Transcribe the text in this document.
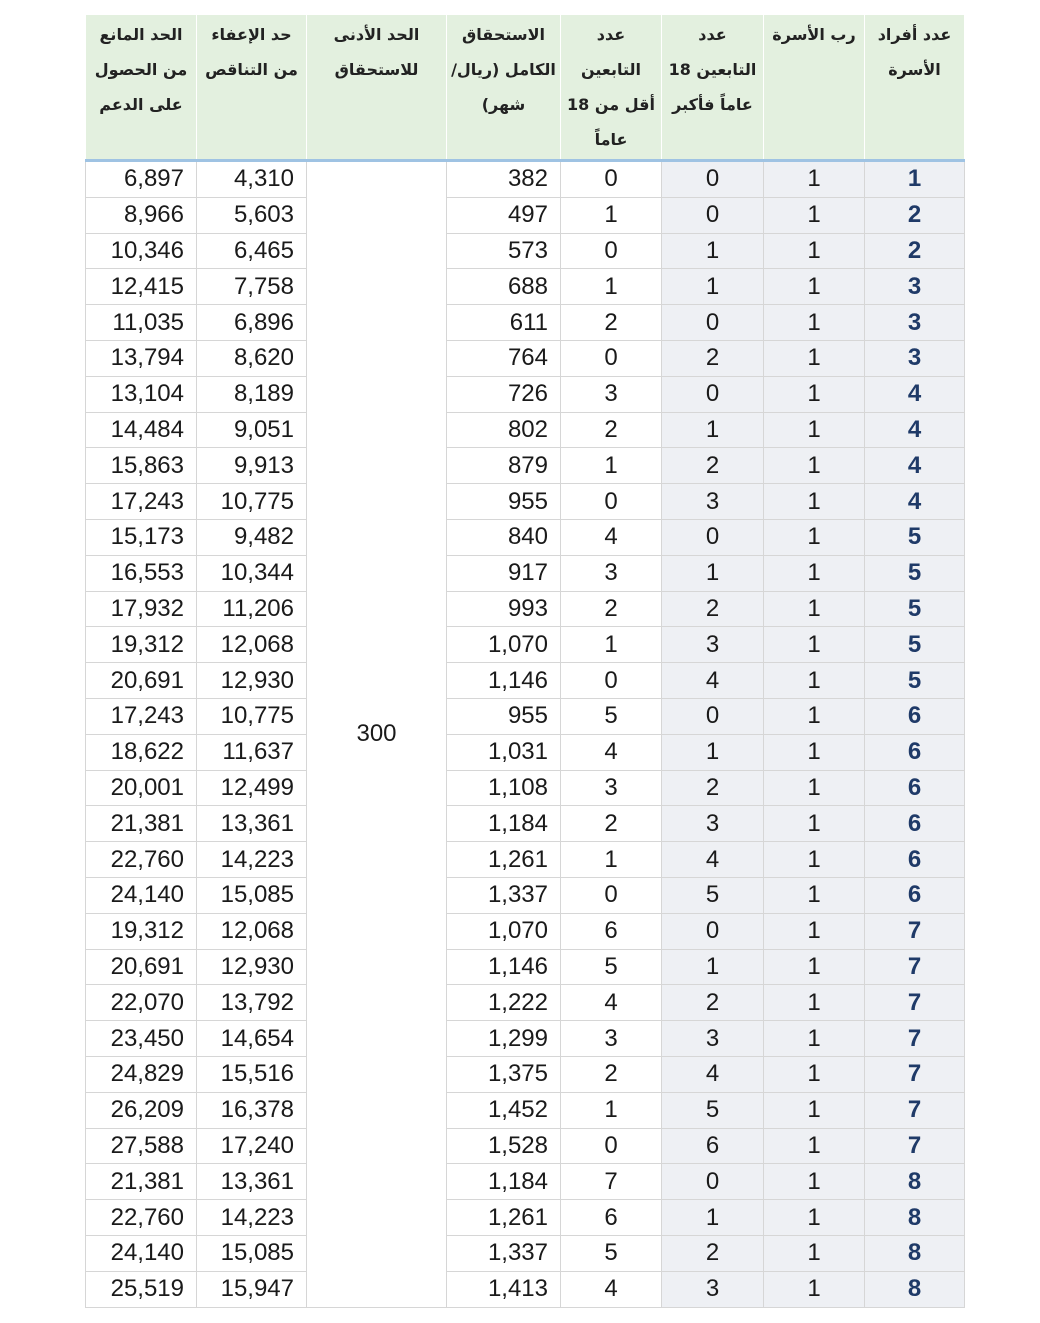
عدد أفراد الأسرة	رب الأسرة	عدد التابعين 18 عاماً فأكبر	عدد التابعين أقل من 18 عاماً	الاستحقاق الكامل (ريال/شهر)	الحد الأدنى للاستحقاق	حد الإعفاء من التناقص	الحد المانع من الحصول على الدعم

1	1	0	0	382	300	4,310	6,897
2	1	0	1	497		5,603	8,966
2	1	1	0	573		6,465	10,346
3	1	1	1	688		7,758	12,415
3	1	0	2	611		6,896	11,035
3	1	2	0	764		8,620	13,794
4	1	0	3	726		8,189	13,104
4	1	1	2	802		9,051	14,484
4	1	2	1	879		9,913	15,863
4	1	3	0	955		10,775	17,243
5	1	0	4	840		9,482	15,173
5	1	1	3	917		10,344	16,553
5	1	2	2	993		11,206	17,932
5	1	3	1	1,070		12,068	19,312
5	1	4	0	1,146		12,930	20,691
6	1	0	5	955		10,775	17,243
6	1	1	4	1,031		11,637	18,622
6	1	2	3	1,108		12,499	20,001
6	1	3	2	1,184		13,361	21,381
6	1	4	1	1,261		14,223	22,760
6	1	5	0	1,337		15,085	24,140
7	1	0	6	1,070		12,068	19,312
7	1	1	5	1,146		12,930	20,691
7	1	2	4	1,222		13,792	22,070
7	1	3	3	1,299		14,654	23,450
7	1	4	2	1,375		15,516	24,829
7	1	5	1	1,452		16,378	26,209
7	1	6	0	1,528		17,240	27,588
8	1	0	7	1,184		13,361	21,381
8	1	1	6	1,261		14,223	22,760
8	1	2	5	1,337		15,085	24,140
8	1	3	4	1,413		15,947	25,519
